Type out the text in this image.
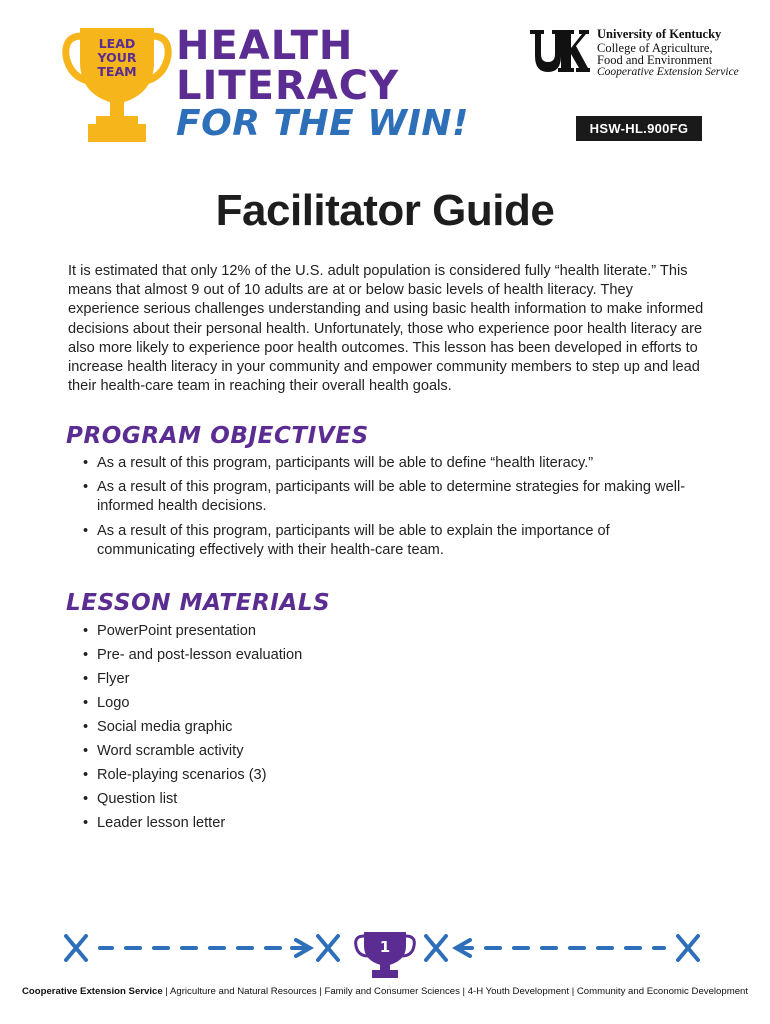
LEAD
YOUR
TEAM
HEALTH
LITERACY
FOR THE WIN!
University of Kentucky
College of Agriculture,
Food and Environment
Cooperative Extension Service
HSW-HL.900FG
Facilitator Guide
It is estimated that only 12% of the U.S. adult population is considered fully “health literate.” This means that almost 9 out of 10 adults are at or below basic levels of health literacy. They experience serious challenges understanding and using basic health information to make informed decisions about their personal health. Unfortunately, those who experience poor health literacy are also more likely to experience poor health outcomes. This lesson has been developed in efforts to increase health literacy in your community and empower community members to step up and lead their health-care team in reaching their overall health goals.
PROGRAM OBJECTIVES
• As a result of this program, participants will be able to define “health literacy.”
• As a result of this program, participants will be able to determine strategies for making well-informed health decisions.
• As a result of this program, participants will be able to explain the importance of communicating effectively with their health-care team.
LESSON MATERIALS
• PowerPoint presentation
• Pre- and post-lesson evaluation
• Flyer
• Logo
• Social media graphic
• Word scramble activity
• Role-playing scenarios (3)
• Question list
• Leader lesson letter
1
Cooperative Extension Service | Agriculture and Natural Resources | Family and Consumer Sciences | 4-H Youth Development | Community and Economic Development
